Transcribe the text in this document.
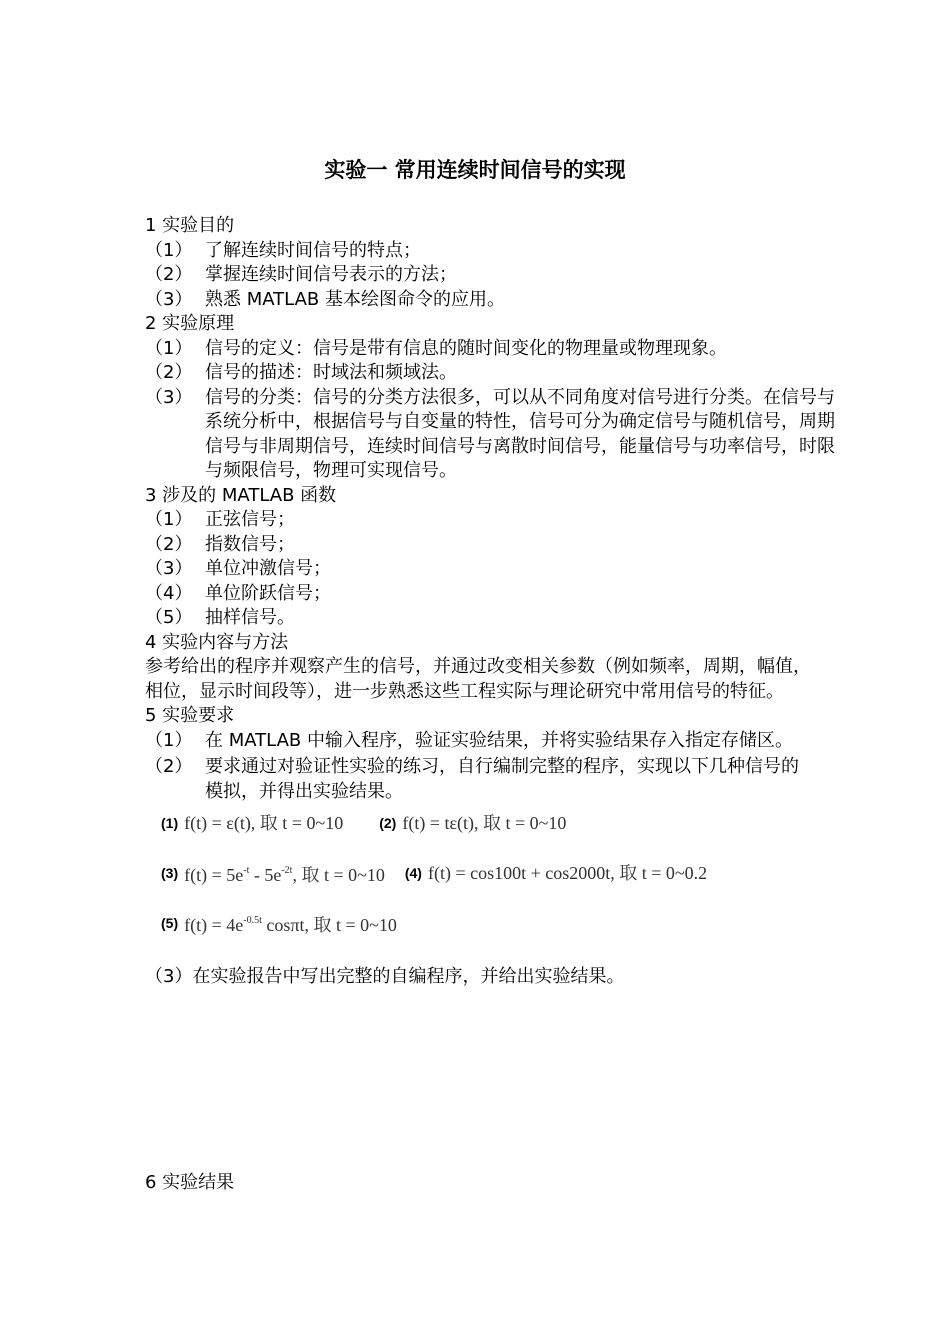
实验一 常用连续时间信号的实现
1 实验目的
（1） 了解连续时间信号的特点；
（2） 掌握连续时间信号表示的方法；
（3） 熟悉 MATLAB 基本绘图命令的应用。
2 实验原理
（1） 信号的定义：信号是带有信息的随时间变化的物理量或物理现象。
（2） 信号的描述：时域法和频域法。
（3） 信号的分类：信号的分类方法很多，可以从不同角度对信号进行分类。在信号与系统分析中，根据信号与自变量的特性，信号可分为确定信号与随机信号，周期信号与非周期信号，连续时间信号与离散时间信号，能量信号与功率信号，时限与频限信号，物理可实现信号。
3 涉及的 MATLAB 函数
（1） 正弦信号；
（2） 指数信号；
（3） 单位冲激信号；
（4） 单位阶跃信号；
（5） 抽样信号。
4 实验内容与方法
参考给出的程序并观察产生的信号，并通过改变相关参数（例如频率，周期，幅值，相位，显示时间段等），进一步熟悉这些工程实际与理论研究中常用信号的特征。
5 实验要求
（1） 在 MATLAB 中输入程序，验证实验结果，并将实验结果存入指定存储区。
（2） 要求通过对验证性实验的练习，自行编制完整的程序，实现以下几种信号的模拟，并得出实验结果。
(1) f(t) = ε(t), 取 t = 0~10	(2) f(t) = tε(t), 取 t = 0~10
(3) $f(t) = 5e^{-t} - 5e^{-2t}$, 取 t = 0~10 (4) f(t) = cos100t + cos2000t, 取 t = 0~0.2
(5) $f(t) = 4e^{-0.5t}$ cosπt, 取 t = 0~10
（3）在实验报告中写出完整的自编程序，并给出实验结果。
6 实验结果
